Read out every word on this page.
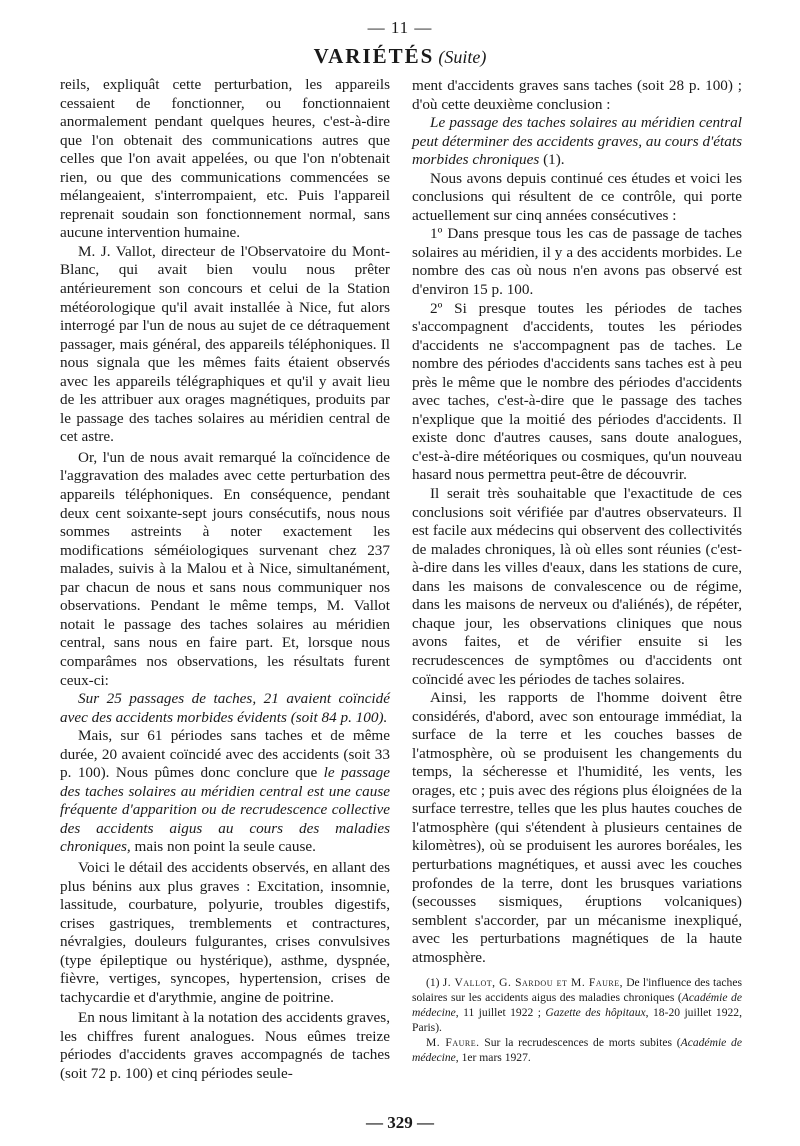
— 11 —
VARIÉTÉS (Suite)

reils, expliquât cette perturbation, les appareils cessaient de fonctionner, ou fonctionnaient anormalement pendant quelques heures, c'est-à-dire que l'on obtenait des communications autres que celles que l'on avait appelées, ou que l'on n'obtenait rien, ou que des communications commencées se mélangeaient, s'interrompaient, etc. Puis l'appareil reprenait soudain son fonctionnement normal, sans aucune intervention humaine.

M. J. Vallot, directeur de l'Observatoire du Mont-Blanc, qui avait bien voulu nous prêter antérieurement son concours et celui de la Station météorologique qu'il avait installée à Nice, fut alors interrogé par l'un de nous au sujet de ce détraquement passager, mais général, des appareils téléphoniques. Il nous signala que les mêmes faits étaient observés avec les appareils télégraphiques et qu'il y avait lieu de les attribuer aux orages magnétiques, produits par le passage des taches solaires au méridien central de cet astre.

Or, l'un de nous avait remarqué la coïncidence de l'aggravation des malades avec cette perturbation des appareils téléphoniques. En conséquence, pendant deux cent soixante-sept jours consécutifs, nous nous sommes astreints à noter exactement les modifications séméiologiques survenant chez 237 malades, suivis à la Malou et à Nice, simultanément, par chacun de nous et sans nous communiquer nos observations. Pendant le même temps, M. Vallot notait le passage des taches solaires au méridien central, sans nous en faire part. Et, lorsque nous comparâmes nos observations, les résultats furent ceux-ci:

Sur 25 passages de taches, 21 avaient coïncidé avec des accidents morbides évidents (soit 84 p. 100).

Mais, sur 61 périodes sans taches et de même durée, 20 avaient coïncidé avec des accidents (soit 33 p. 100). Nous pûmes donc conclure que le passage des taches solaires au méridien central est une cause fréquente d'apparition ou de recrudescence collective des accidents aigus au cours des maladies chroniques, mais non point la seule cause.

Voici le détail des accidents observés, en allant des plus bénins aux plus graves : Excitation, insomnie, lassitude, courbature, polyurie, troubles digestifs, crises gastriques, tremblements et contractures, névralgies, douleurs fulgurantes, crises convulsives (type épileptique ou hystérique), asthme, dyspnée, fièvre, vertiges, syncopes, hypertension, crises de tachycardie et d'arythmie, angine de poitrine.

En nous limitant à la notation des accidents graves, les chiffres furent analogues. Nous eûmes treize périodes d'accidents graves accompagnés de taches (soit 72 p. 100) et cinq périodes seule-

ment d'accidents graves sans taches (soit 28 p. 100) ; d'où cette deuxième conclusion :

Le passage des taches solaires au méridien central peut déterminer des accidents graves, au cours d'états morbides chroniques (1).

Nous avons depuis continué ces études et voici les conclusions qui résultent de ce contrôle, qui porte actuellement sur cinq années consécutives :

1º Dans presque tous les cas de passage de taches solaires au méridien, il y a des accidents morbides. Le nombre des cas où nous n'en avons pas observé est d'environ 15 p. 100.

2º Si presque toutes les périodes de taches s'accompagnent d'accidents, toutes les périodes d'accidents ne s'accompagnent pas de taches. Le nombre des périodes d'accidents sans taches est à peu près le même que le nombre des périodes d'accidents avec taches, c'est-à-dire que le passage des taches n'explique que la moitié des périodes d'accidents. Il existe donc d'autres causes, sans doute analogues, c'est-à-dire météoriques ou cosmiques, qu'un nouveau hasard nous permettra peut-être de découvrir.

Il serait très souhaitable que l'exactitude de ces conclusions soit vérifiée par d'autres observateurs. Il est facile aux médecins qui observent des collectivités de malades chroniques, là où elles sont réunies (c'est-à-dire dans les villes d'eaux, dans les stations de cure, dans les maisons de convalescence ou de régime, dans les maisons de nerveux ou d'aliénés), de répéter, chaque jour, les observations cliniques que nous avons faites, et de vérifier ensuite si les recrudescences de symptômes ou d'accidents ont coïncidé avec les périodes de taches solaires.

Ainsi, les rapports de l'homme doivent être considérés, d'abord, avec son entourage immédiat, la surface de la terre et les couches basses de l'atmosphère, où se produisent les changements du temps, la sécheresse et l'humidité, les vents, les orages, etc ; puis avec des régions plus éloignées de la surface terrestre, telles que les plus hautes couches de l'atmosphère (qui s'étendent à plusieurs centaines de kilomètres), où se produisent les aurores boréales, les perturbations magnétiques, et aussi avec les couches profondes de la terre, dont les brusques variations (secousses sismiques, éruptions volcaniques) semblent s'accorder, par un mécanisme inexpliqué, avec les perturbations magnétiques de la haute atmosphère.

(1) J. Vallot, G. Sardou et M. Faure, De l'influence des taches solaires sur les accidents aigus des maladies chroniques (Académie de médecine, 11 juillet 1922 ; Gazette des hôpitaux, 18-20 juillet 1922, Paris).

M. Faure. Sur la recrudescences de morts subites (Académie de médecine, 1er mars 1927.

— 329 —
